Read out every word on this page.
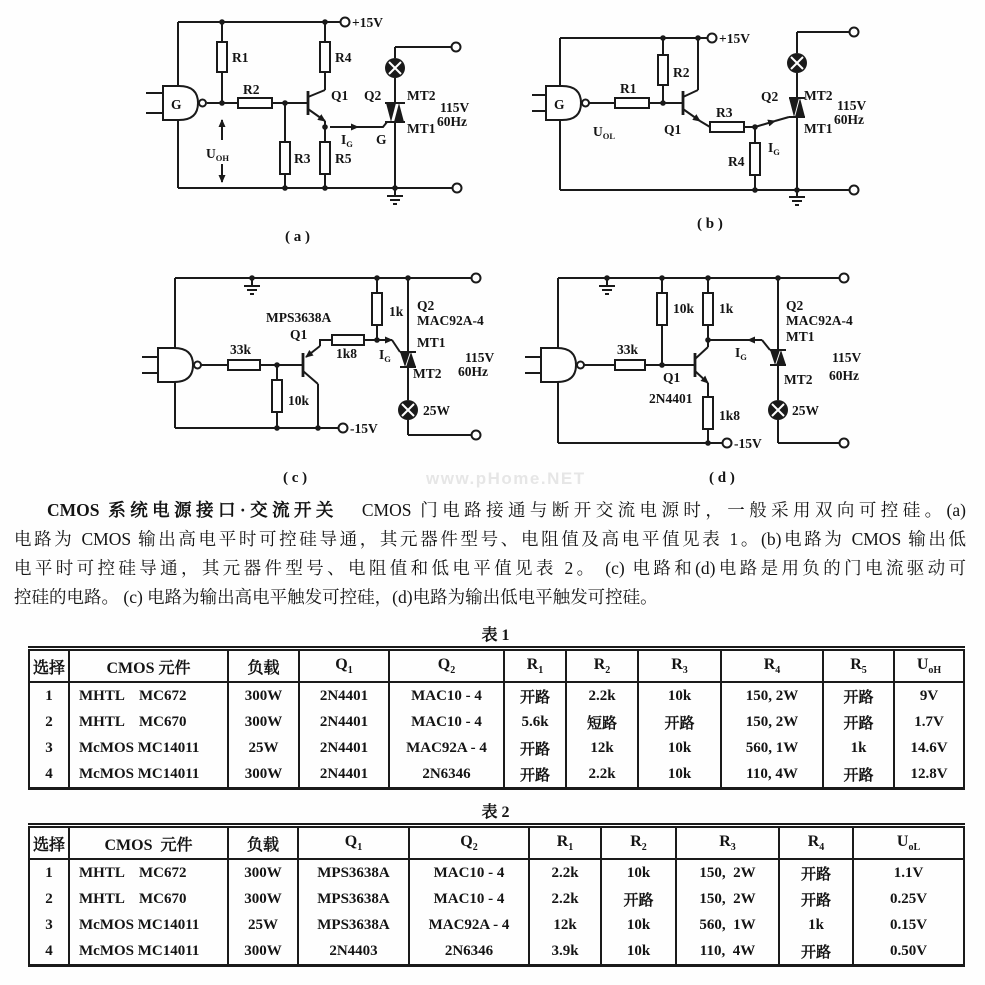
G
+15V
R1	R4
R2
R3 R5
Q1 Q2 MT2
MT1
G
$I_G$
$U_{OH}$
115V
60Hz
( a )
G
+15V
R1
R2
R3
R4
Q1
Q2 MT2
MT1
$I_G$
$U_{OL}$
115V
60Hz
( b )
33k
10k
1k8
1k
MPS3638A
Q1
$I_G$
Q2
MAC92A-4
MT1
MT2
115V
60Hz
25W
-15V
( c )
33k
10k 1k
1k8
Q1
2N4401
$I_G$
Q2
MAC92A-4
MT1
MT2
115V
60Hz
25W
-15V
( d )
www.pHome.NET
CMOS 系统电源接口·交流开关 CMOS 门电路接通与断开交流电源时，一般采用双向可控硅。(a)
电路为 CMOS 输出高电平时可控硅导通，其元器件型号、电阻值及高电平值见表 1。(b)电路为 CMOS 输出低
电平时可控硅导通，其元器件型号、电阻值和低电平值见表 2。 (c) 电路和(d)电路是用负的门电流驱动可
控硅的电路。 (c) 电路为输出高电平触发可控硅，(d)电路为输出低电平触发可控硅。
表 1
选择	CMOS 元件	负载	$Q_1$	$Q_2$	$R_1$	$R_2$	$R_3$	$R_4$	$R_5$	$U_{oH}$
1	MHTL    MC672	300W	2N4401	MAC10 - 4	开路	2.2k	10k	150, 2W	开路	9V
2	MHTL    MC670	300W	2N4401	MAC10 - 4	5.6k	短路	开路	150, 2W	开路	1.7V
3	McMOS MC14011	25W	2N4401	MAC92A - 4	开路	12k	10k	560, 1W	1k	14.6V
4	McMOS MC14011	300W	2N4401	2N6346	开路	2.2k	10k	110, 4W	开路	12.8V
表 2
选择	CMOS  元件	负载	$Q_1$	$Q_2$	$R_1$	$R_2$	$R_3$	$R_4$	$U_{oL}$
1	MHTL    MC672	300W	MPS3638A	MAC10 - 4	2.2k	10k	150,  2W	开路	1.1V
2	MHTL    MC670	300W	MPS3638A	MAC10 - 4	2.2k	开路	150,  2W	开路	0.25V
3	McMOS MC14011	25W	MPS3638A	MAC92A - 4	12k	10k	560,  1W	1k	0.15V
4	McMOS MC14011	300W	2N4403	2N6346	3.9k	10k	110,  4W	开路	0.50V
